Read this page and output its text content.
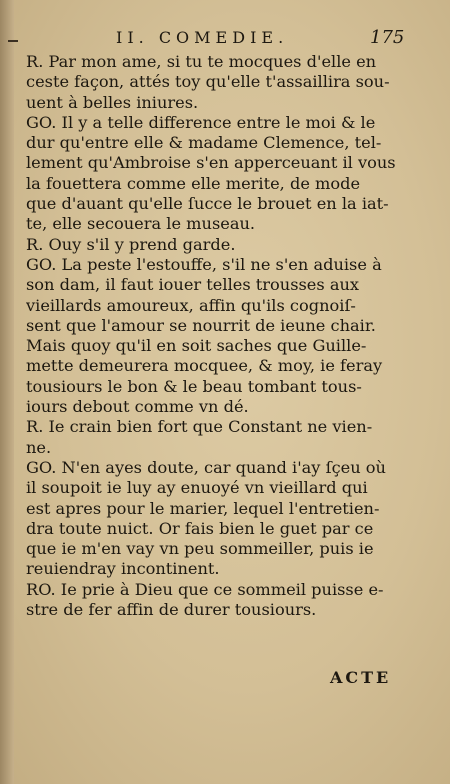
II. COMEDIE.	175
R. Par mon ame, si tu te mocques d'elle en
ceste façon, attés toy qu'elle t'assaillira sou-
uent à belles iniures.
GO. Il y a telle difference entre le moi & le
dur qu'entre elle & madame Clemence, tel-
lement qu'Ambroise s'en apperceuant il vous
la fouettera comme elle merite, de mode
que d'auant qu'elle ſucce le brouet en la iat-
te, elle secouera le museau.
R. Ouy s'il y prend garde.
GO. La peste l'estouffe, s'il ne s'en aduise à
son dam, il faut iouer telles trousses aux
vieillards amoureux, affin qu'ils cognoiſ-
sent que l'amour se nourrit de ieune chair.
Mais quoy qu'il en soit saches que Guille-
mette demeurera mocquee, & moy, ie feray
tousiours le bon & le beau tombant tous-
iours debout comme vn dé.
R. Ie crain bien fort que Constant ne vien-
ne.
GO. N'en ayes doute, car quand i'ay ſçeu où
il soupoit ie luy ay enuoyé vn vieillard qui
est apres pour le marier, lequel l'entretien-
dra toute nuict. Or fais bien le guet par ce
que ie m'en vay vn peu sommeiller, puis ie
reuiendray incontinent.
RO. Ie prie à Dieu que ce sommeil puisse e-
stre de fer affin de durer tousiours.
ACTE
